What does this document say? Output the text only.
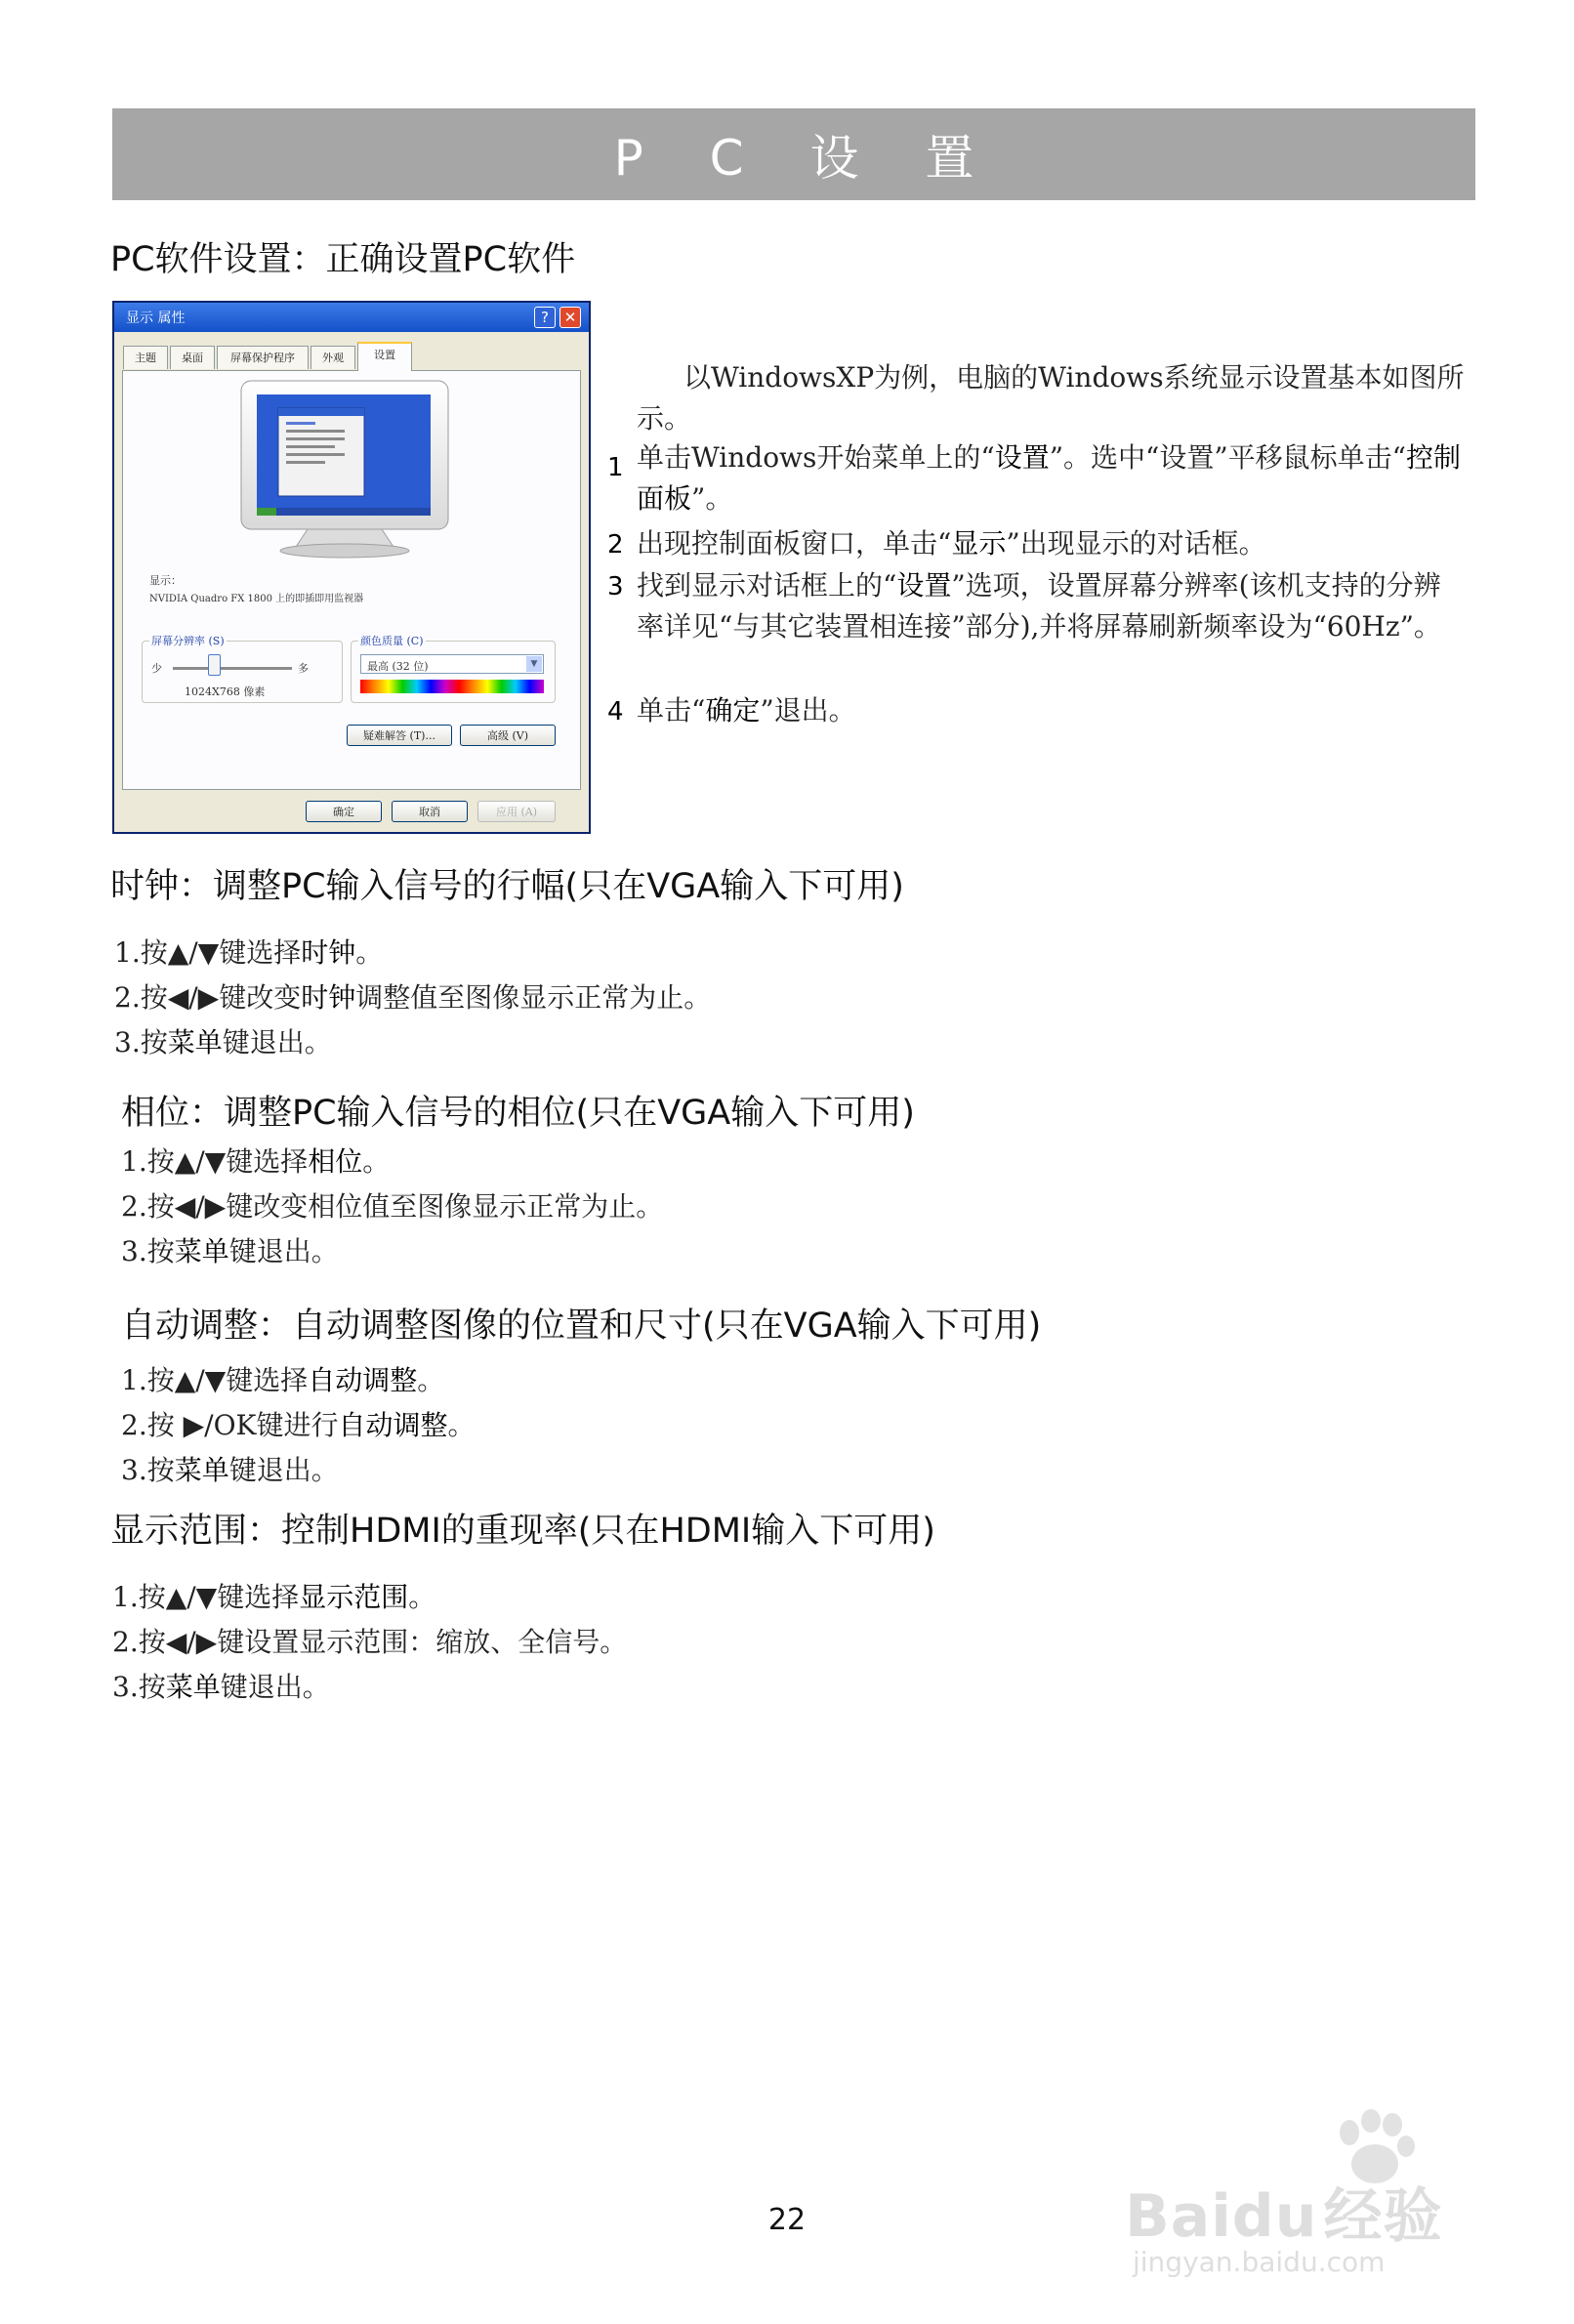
P C 设 置
PC软件设置：正确设置PC软件
显示 属性	?	✕
主题	桌面	屏幕保护程序	外观	设置
显示：
NVIDIA Quadro FX 1800 上的即插即用监视器
屏幕分辨率 (S)
少	多
1024X768 像素
颜色质量 (C)
最高 (32 位)	▼
疑难解答 (T)...	高级 (V)
确定	取消	应用 (A)
以WindowsXP为例，电脑的Windows系统显示设置基本如图所示。
1 单击Windows开始菜单上的“设置”。选中“设置”平移鼠标单击“控制面板”。
2 出现控制面板窗口，单击“显示”出现显示的对话框。
3 找到显示对话框上的“设置”选项，设置屏幕分辨率(该机支持的分辨率详见“与其它装置相连接”部分),并将屏幕刷新频率设为“60Hz”。
4 单击“确定”退出。
时钟：调整PC输入信号的行幅(只在VGA输入下可用)
1.按▲/▼键选择时钟。
2.按◀/▶键改变时钟调整值至图像显示正常为止。
3.按菜单键退出。
相位：调整PC输入信号的相位(只在VGA输入下可用)
1.按▲/▼键选择相位。
2.按◀/▶键改变相位值至图像显示正常为止。
3.按菜单键退出。
自动调整：自动调整图像的位置和尺寸(只在VGA输入下可用)
1.按▲/▼键选择自动调整。
2.按 ▶/OK键进行自动调整。
3.按菜单键退出。
显示范围：控制HDMI的重现率(只在HDMI输入下可用)
1.按▲/▼键选择显示范围。
2.按◀/▶键设置显示范围：缩放、全信号。
3.按菜单键退出。
Baidu 经验
jingyan.baidu.com
22
